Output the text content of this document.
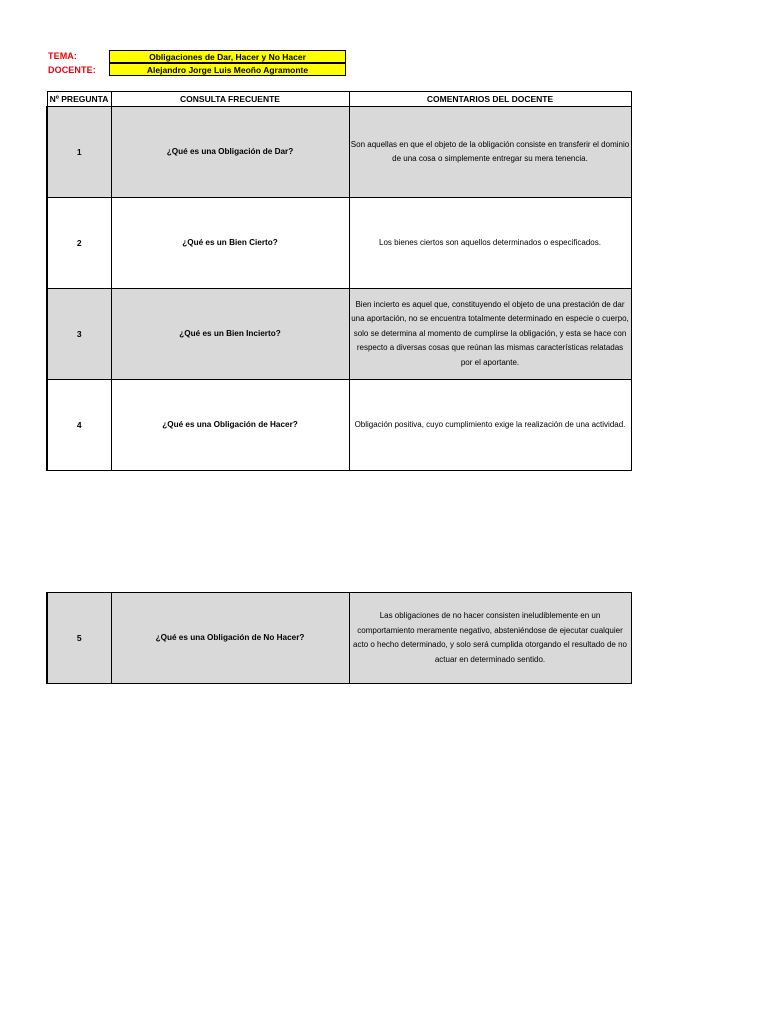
TEMA:	Obligaciones de Dar, Hacer y No Hacer
DOCENTE:	Alejandro Jorge Luis Meoño Agramonte
Nº PREGUNTA	CONSULTA FRECUENTE	COMENTARIOS DEL DOCENTE
1	¿Qué es una Obligación de Dar?	Son aquellas en que el objeto de la obligación consiste en transferir el dominio de una cosa o simplemente entregar su mera tenencia.
2	¿Qué es un Bien Cierto?	Los bienes ciertos son aquellos determinados o especificados.
3	¿Qué es un Bien Incierto?	Bien incierto es aquel que, constituyendo el objeto de una prestación de dar una aportación, no se encuentra totalmente determinado en especie o cuerpo, solo se determina al momento de cumplirse la obligación, y esta se hace con respecto a diversas cosas que reúnan las mismas características relatadas por el aportante.
4	¿Qué es una Obligación de Hacer?	Obligación positiva, cuyo cumplimiento exige la realización de una actividad.
5	¿Qué es una Obligación de No Hacer?	Las obligaciones de no hacer consisten ineludiblemente en un comportamiento meramente negativo, absteniéndose de ejecutar cualquier acto o hecho determinado, y solo será cumplida otorgando el resultado de no actuar en determinado sentido.
